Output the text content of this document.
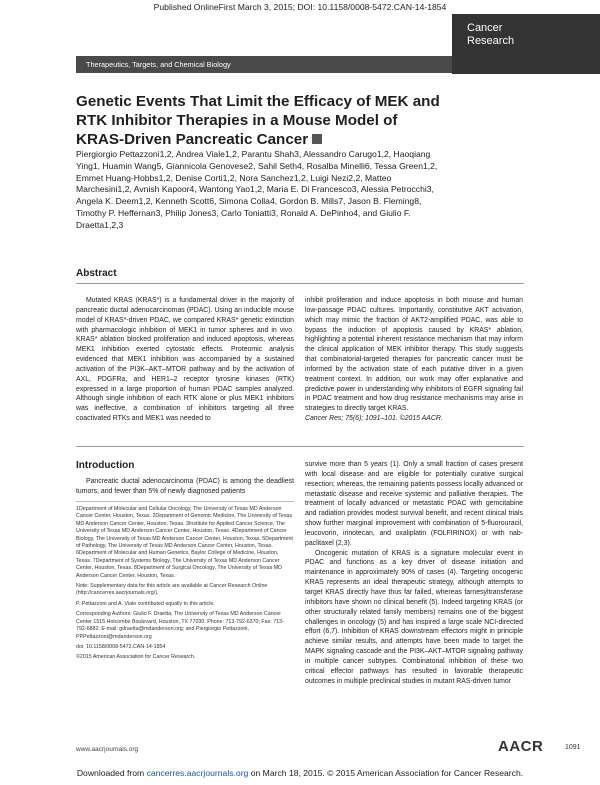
Published OnlineFirst March 3, 2015; DOI: 10.1158/0008-5472.CAN-14-1854
Cancer
Research
Therapeutics, Targets, and Chemical Biology
Genetic Events That Limit the Efficacy of MEK and RTK Inhibitor Therapies in a Mouse Model of KRAS-Driven Pancreatic Cancer
Piergiorgio Pettazzoni1,2, Andrea Viale1,2, Parantu Shah3, Alessandro Carugo1,2, Haoqiang Ying1, Huamin Wang5, Giannicola Genovese2, Sahil Seth4, Rosalba Minelli6, Tessa Green1,2, Emmet Huang-Hobbs1,2, Denise Corti1,2, Nora Sanchez1,2, Luigi Nezi2,2, Matteo Marchesini1,2, Avnish Kapoor4, Wantong Yao1,2, Maria E. Di Francesco3, Alessia Petrocchi3, Angela K. Deem1,2, Kenneth Scott6, Simona Colla4, Gordon B. Mills7, Jason B. Fleming8, Timothy P. Heffernan3, Philip Jones3, Carlo Toniatti3, Ronald A. DePinho4, and Giulio F. Draetta1,2,3
Abstract

Mutated KRAS (KRAS*) is a fundamental driver in the majority of pancreatic ductal adenocarcinomas (PDAC). Using an inducible mouse model of KRAS*-driven PDAC, we compared KRAS* genetic extinction with pharmacologic inhibition of MEK1 in tumor spheres and in vivo. KRAS* ablation blocked proliferation and induced apoptosis, whereas MEK1 inhibition exerted cytostatic effects. Proteomic analysis evidenced that MEK1 inhibition was accompanied by a sustained activation of the PI3K–AKT–MTOR pathway and by the activation of AXL, PDGFRa, and HER1–2 receptor tyrosine kinases (RTK) expressed in a large proportion of human PDAC samples analyzed. Although single inhibition of each RTK alone or plus MEK1 inhibitors was ineffective, a combination of inhibitors targeting all three coactivated RTKs and MEK1 was needed to

inhibit proliferation and induce apoptosis in both mouse and human low-passage PDAC cultures. Importantly, constitutive AKT activation, which may mimic the fraction of AKT2-amplified PDAC, was able to bypass the induction of apoptosis caused by KRAS* ablation, highlighting a potential inherent resistance mechanism that may inform the clinical application of MEK inhibitor therapy. This study suggests that combinatorial-targeted therapies for pancreatic cancer must be informed by the activation state of each putative driver in a given treatment context. In addition, our work may offer explanative and predictive power in understanding why inhibitors of EGFR signaling fail in PDAC treatment and how drug resistance mechanisms may arise in strategies to directly target KRAS.

Cancer Res; 75(6); 1091–101. ©2015 AACR.

Introduction

Pancreatic ductal adenocarcinoma (PDAC) is among the deadliest tumors, and fewer than 5% of newly diagnosed patients

1Department of Molecular and Cellular Oncology, The University of Texas MD Anderson Cancer Center, Houston, Texas. 2Department of Genomic Medicine, The University of Texas MD Anderson Cancer Center, Houston, Texas. 3Institute for Applied Cancer Science, The University of Texas MD Anderson Cancer Center, Houston, Texas. 4Department of Cancer Biology, The University of Texas MD Anderson Cancer Center, Houston, Texas. 5Department of Pathology, The University of Texas MD Anderson Cancer Center, Houston, Texas. 6Department of Molecular and Human Genetics, Baylor College of Medicine, Houston, Texas. 7Department of Systems Biology, The University of Texas MD Anderson Cancer Center, Houston, Texas. 8Department of Surgical Oncology, The University of Texas MD Anderson Cancer Center, Houston, Texas.

Note: Supplementary data for this article are available at Cancer Research Online (http://cancerres.aacrjournals.org/).

P. Pettazzoni and A. Viale contributed equally to this article.

Corresponding Authors: Giulio F. Draetta, The University of Texas MD Anderson Cancer Center 1515 Holcombe Boulevard, Houston, TX 77030. Phone: 713-792-6370; Fax: 713-792-6882; E-mail: gdraetta@mdanderson.org; and Piergiorgio Pettazzoni, PPPettazzoni@mdanderson.org

doi: 10.1158/0008-5472.CAN-14-1854

©2015 American Association for Cancer Research.

survive more than 5 years (1). Only a small fraction of cases present with local disease and are eligible for potentially curative surgical resection; whereas, the remaining patients possess locally advanced or metastatic disease and receive systemic and palliative therapies. The treatment of locally advanced or metastatic PDAC with gemcitabine and radiation provides modest survival benefit, and recent clinical trials show further marginal improvement with combination of 5-fluorouracil, leucovorin, irinotecan, and oxaliplatin (FOLFIRINOX) or with nab-paclitaxel (2,3).

Oncogenic mutation of KRAS is a signature molecular event in PDAC and functions as a key driver of disease initiation and maintenance in approximately 90% of cases (4). Targeting oncogenic KRAS represents an ideal therapeutic strategy, although attempts to target KRAS directly have thus far failed, whereas farnesyltransferase inhibitors have shown no clinical benefit (5). Indeed targeting KRAS (or other structurally related family members) remains one of the biggest challenges in oncology (5) and has inspired a large scale NCI-directed effort (6,7). Inhibition of KRAS downstream effectors might in principle achieve similar results, and attempts have been made to target the MAPK signaling cascade and the PI3K–AKT–MTOR signaling pathway in multiple cancer subtypes. Combinatorial inhibition of these two critical effector pathways has resulted in favorable therapeutic outcomes in multiple preclinical studies in mutant RAS-driven tumor

www.aacrjournals.org	AACR	1091
Downloaded from cancerres.aacrjournals.org on March 18, 2015. © 2015 American Association for Cancer Research.
